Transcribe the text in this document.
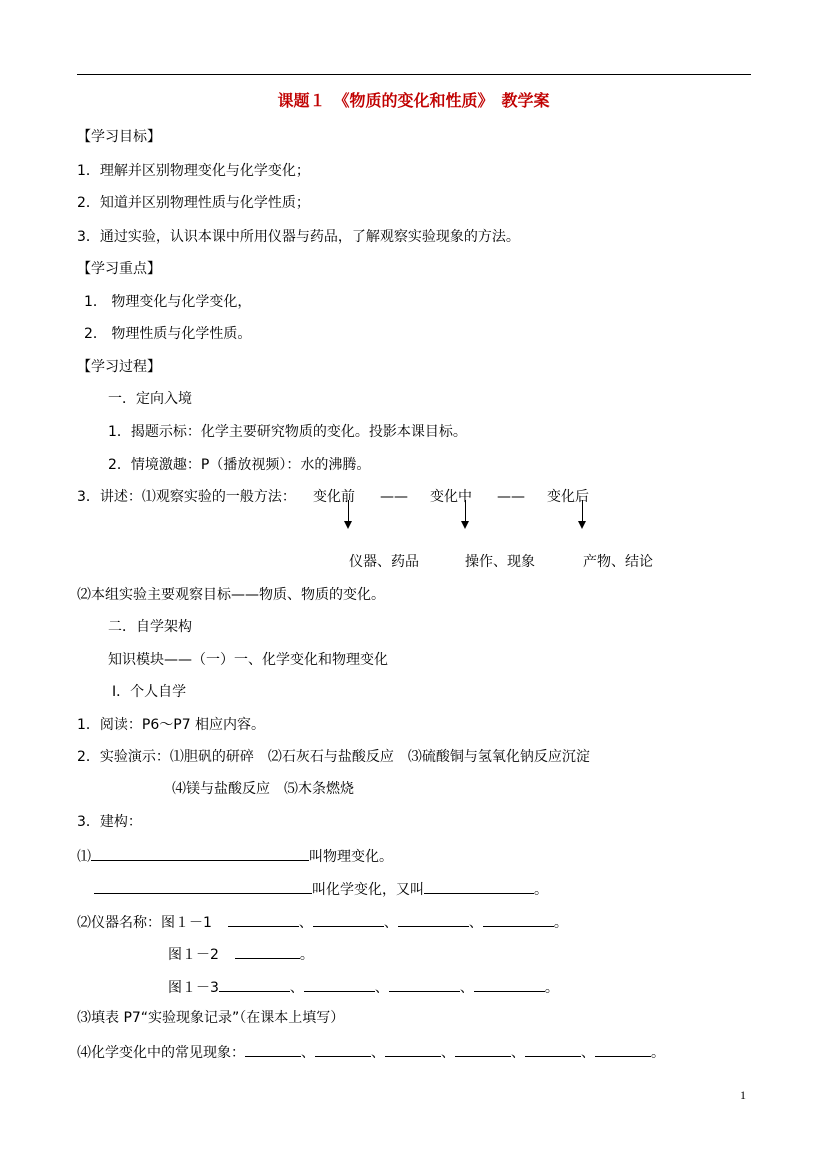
课题１　《物质的变化和性质》　教学案
【学习目标】
1．理解并区别物理变化与化学变化；
2．知道并区别物理性质与化学性质；
3．通过实验，认识本课中所用仪器与药品，了解观察实验现象的方法。
【学习重点】
1． 物理变化与化学变化，
2． 物理性质与化学性质。
【学习过程】
一．定向入境
1．揭题示标：化学主要研究物质的变化。投影本课目标。
2．情境激趣：P（播放视频）：水的沸腾。
3．讲述：⑴观察实验的一般方法： 变化前 —— 变化中 —— 变化后
仪器、药品	操作、现象	产物、结论
⑵本组实验主要观察目标——物质、物质的变化。
二．自学架构
知识模块——（一）一、化学变化和物理变化
Ⅰ．个人自学
1．阅读：P6～P7 相应内容。
2．实验演示：⑴胆矾的研碎　⑵石灰石与盐酸反应　⑶硫酸铜与氢氧化钠反应沉淀
⑷镁与盐酸反应　⑸木条燃烧
3．建构：
⑴	叫物理变化。
叫化学变化，又叫	。
⑵仪器名称：图１－1	、	、	、	。
图１－2	。
图１－3	、	、	、	。
⑶填表 P7“实验现象记录”（在课本上填写）
⑷化学变化中的常见现象：	、	、	、	、	、	。
1
